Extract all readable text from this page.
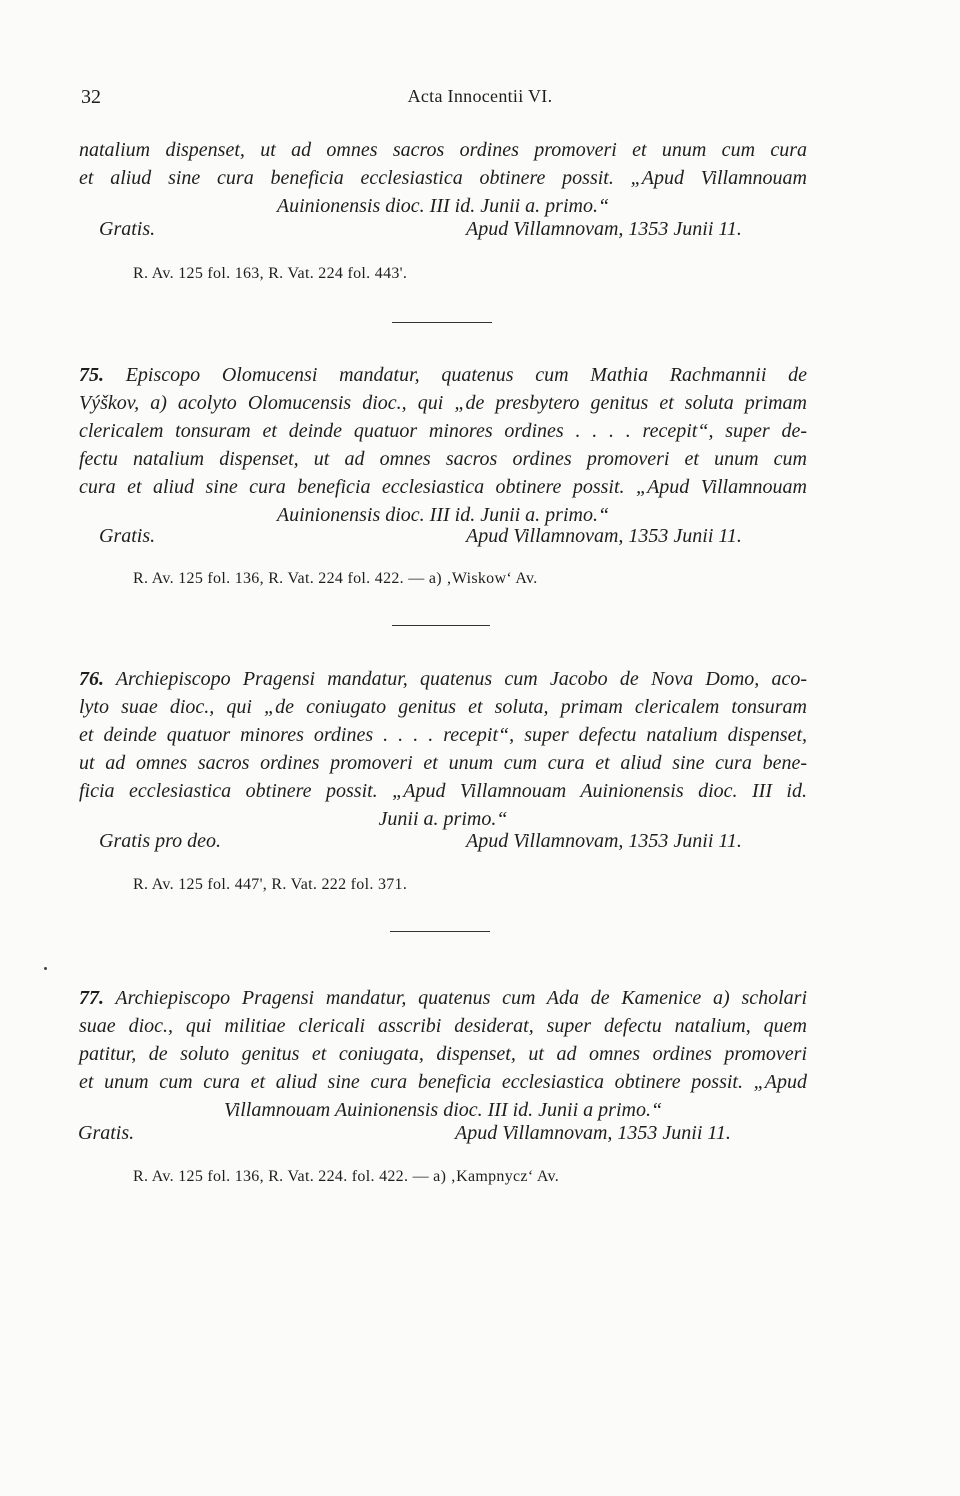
32	Acta Innocentii VI.
natalium dispenset, ut ad omnes sacros ordines promoveri et unum cum cura
et aliud sine cura beneficia ecclesiastica obtinere possit. „Apud Villamnouam
Auinionensis dioc. III id. Junii a. primo.“
Gratis.	Apud Villamnovam, 1353 Junii 11.
R. Av. 125 fol. 163, R. Vat. 224 fol. 443'.
75. Episcopo Olomucensi mandatur, quatenus cum Mathia Rachmannii de
Výškov, a) acolyto Olomucensis dioc., qui „de presbytero genitus et soluta primam
clericalem tonsuram et deinde quatuor minores ordines . . . . recepit“, super de-
fectu natalium dispenset, ut ad omnes sacros ordines promoveri et unum cum
cura et aliud sine cura beneficia ecclesiastica obtinere possit. „Apud Villamnouam
Auinionensis dioc. III id. Junii a. primo.“
Gratis.	Apud Villamnovam, 1353 Junii 11.
R. Av. 125 fol. 136, R. Vat. 224 fol. 422. — a) ‚Wiskow‘ Av.
76. Archiepiscopo Pragensi mandatur, quatenus cum Jacobo de Nova Domo, aco-
lyto suae dioc., qui „de coniugato genitus et soluta, primam clericalem tonsuram
et deinde quatuor minores ordines . . . . recepit“, super defectu natalium dispenset,
ut ad omnes sacros ordines promoveri et unum cum cura et aliud sine cura bene-
ficia ecclesiastica obtinere possit. „Apud Villamnouam Auinionensis dioc. III id.
Junii a. primo.“
Gratis pro deo.	Apud Villamnovam, 1353 Junii 11.
R. Av. 125 fol. 447', R. Vat. 222 fol. 371.
77. Archiepiscopo Pragensi mandatur, quatenus cum Ada de Kamenice a) scholari
suae dioc., qui militiae clericali asscribi desiderat, super defectu natalium, quem
patitur, de soluto genitus et coniugata, dispenset, ut ad omnes ordines promoveri
et unum cum cura et aliud sine cura beneficia ecclesiastica obtinere possit. „Apud
Villamnouam Auinionensis dioc. III id. Junii a primo.“
Gratis.	Apud Villamnovam, 1353 Junii 11.
R. Av. 125 fol. 136, R. Vat. 224. fol. 422. — a) ‚Kampnycz‘ Av.
